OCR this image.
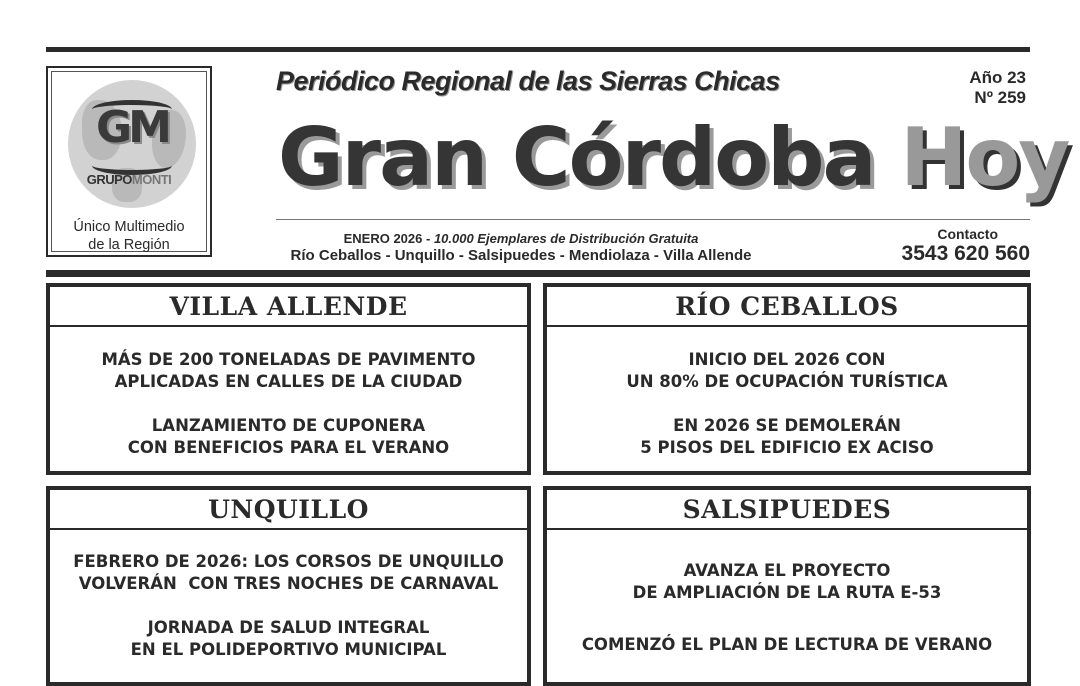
GM
GRUPOMONTI
Único Multimedio
de la Región
Periódico Regional de las Sierras Chicas	Año 23
Nº 259
Gran Córdoba Hoy
ENERO 2026 - 10.000 Ejemplares de Distribución Gratuita
Río Ceballos - Unquillo - Salsipuedes - Mendiolaza - Villa Allende
Contacto
3543 620 560
VILLA ALLENDE

MÁS DE 200 TONELADAS DE PAVIMENTO
APLICADAS EN CALLES DE LA CIUDAD

LANZAMIENTO DE CUPONERA
CON BENEFICIOS PARA EL VERANO

RÍO CEBALLOS

INICIO DEL 2026 CON
UN 80% DE OCUPACIÓN TURÍSTICA

EN 2026 SE DEMOLERÁN
5 PISOS DEL EDIFICIO EX ACISO

UNQUILLO

FEBRERO DE 2026: LOS CORSOS DE UNQUILLO
VOLVERÁN  CON TRES NOCHES DE CARNAVAL

JORNADA DE SALUD INTEGRAL
EN EL POLIDEPORTIVO MUNICIPAL

SALSIPUEDES

AVANZA EL PROYECTO
DE AMPLIACIÓN DE LA RUTA E-53

COMENZÓ EL PLAN DE LECTURA DE VERANO
